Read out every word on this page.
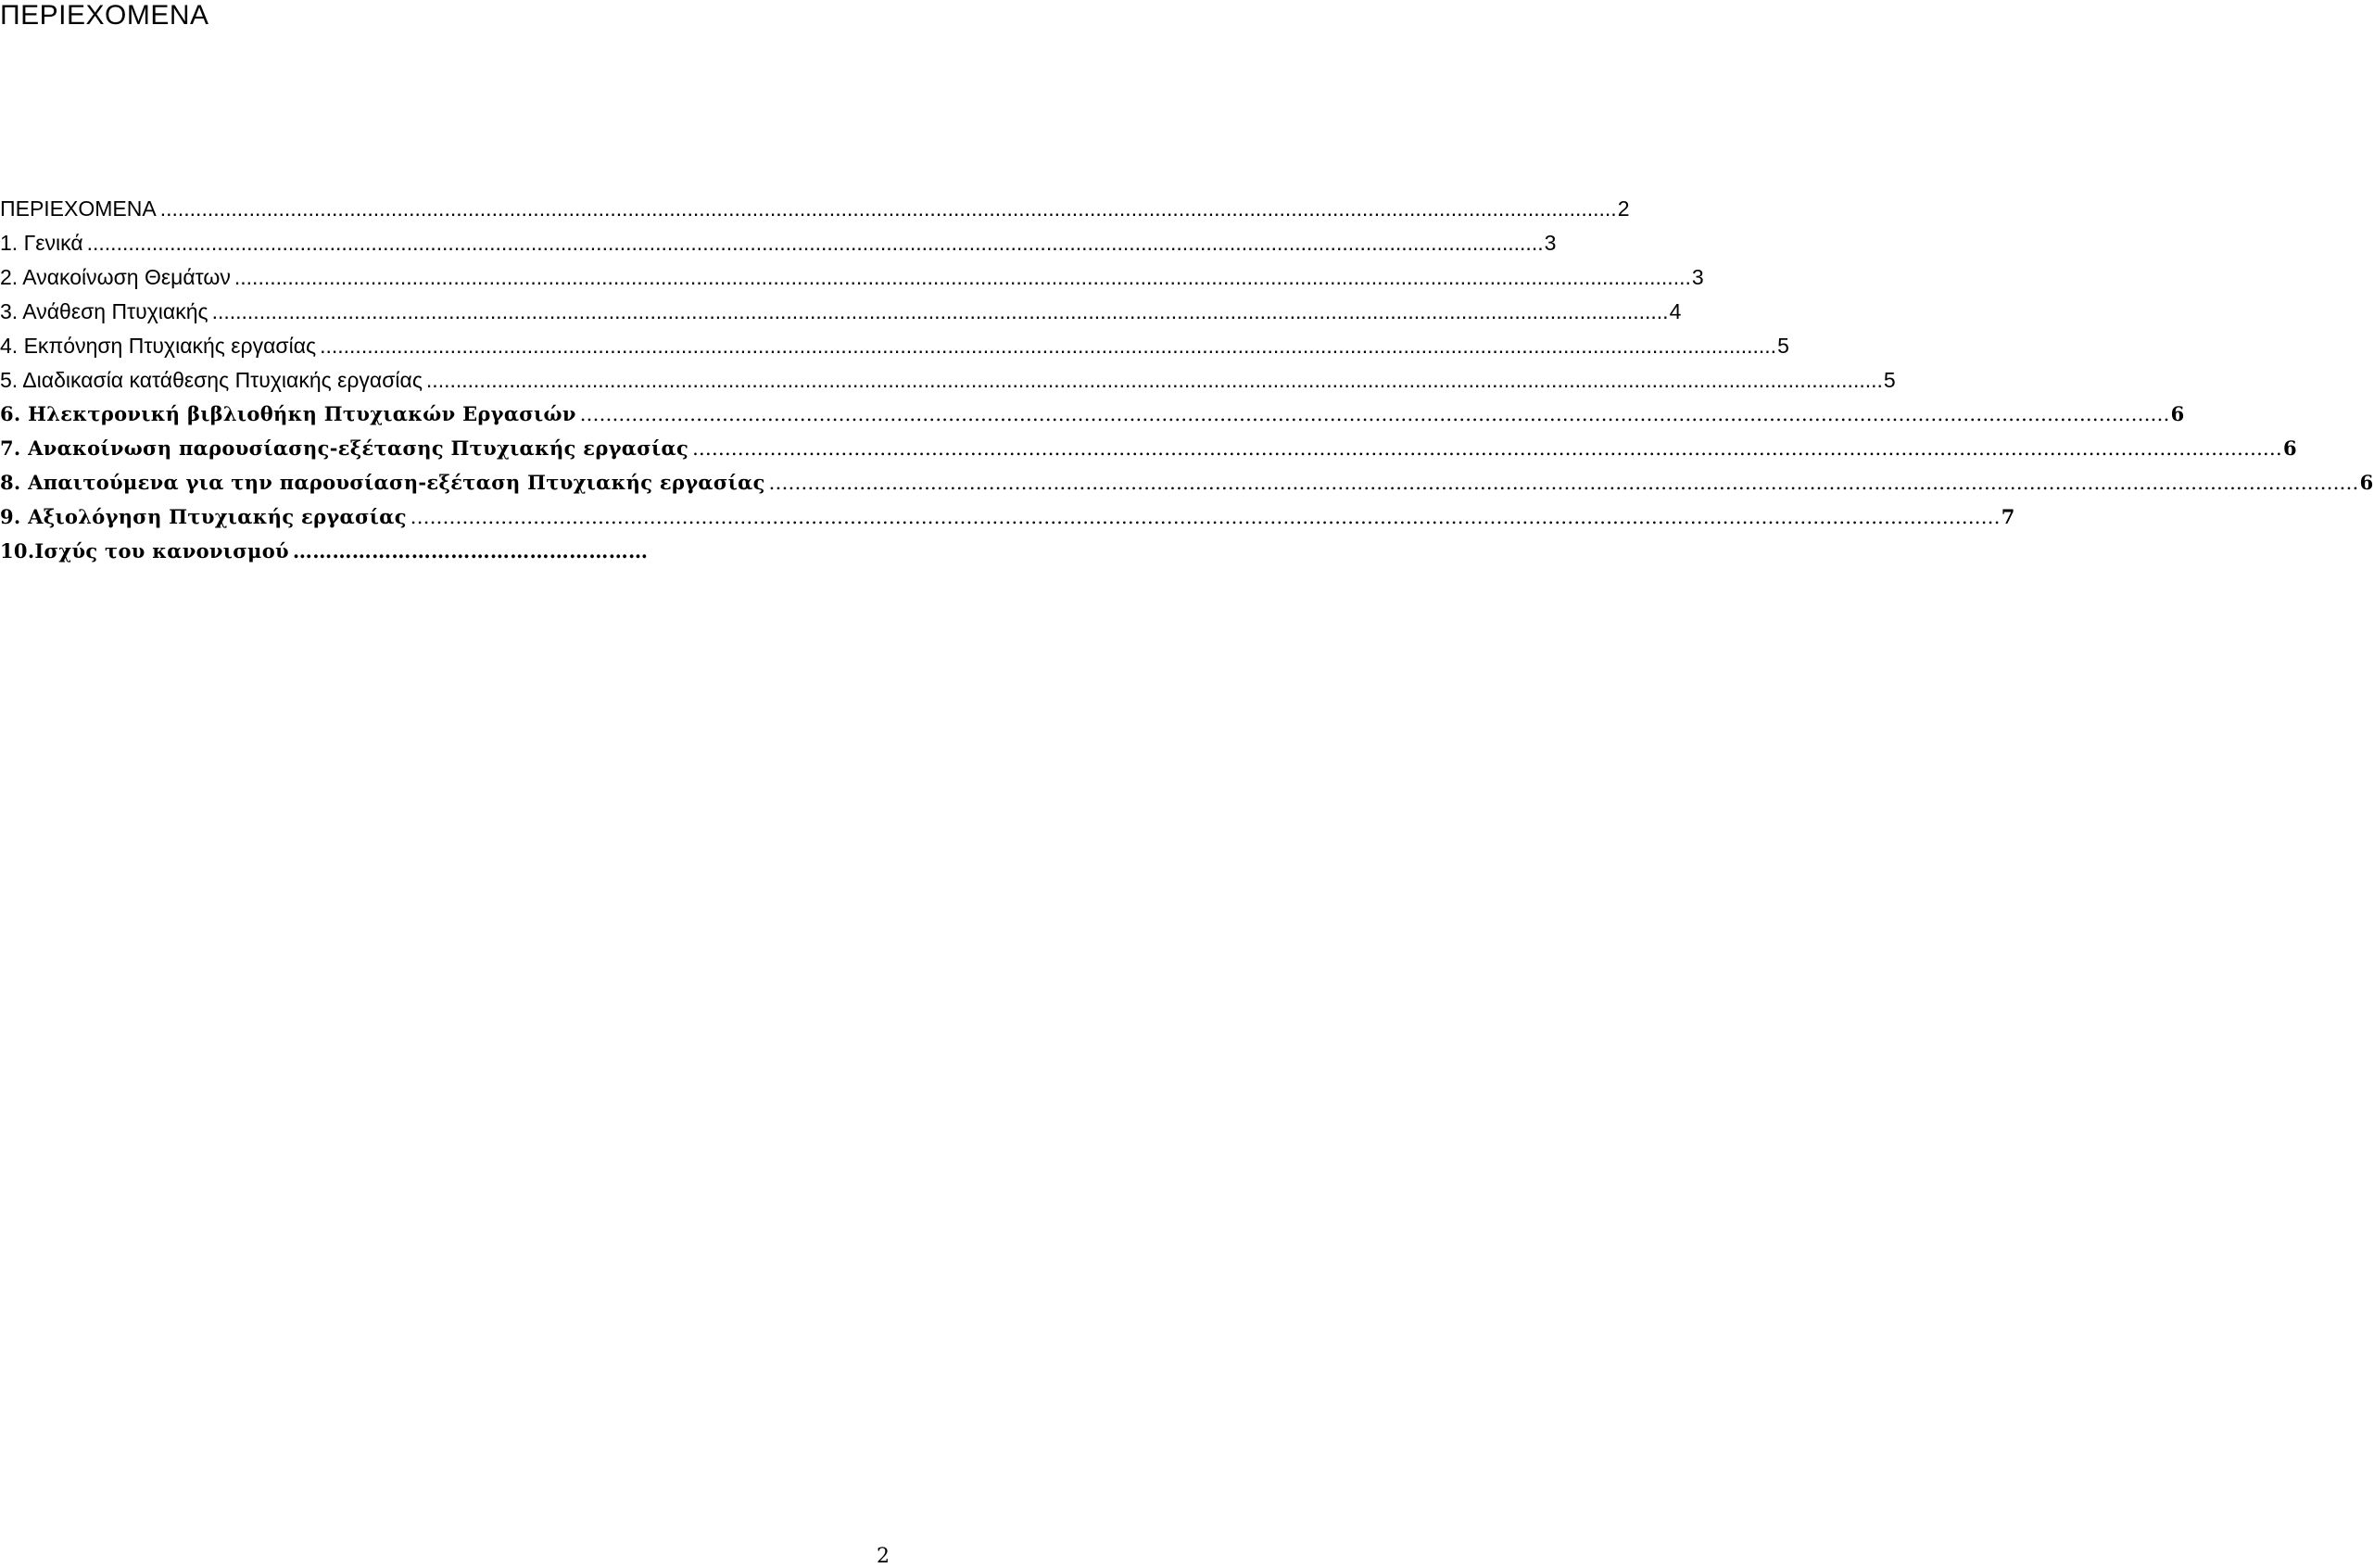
ΠΕΡΙΕΧΟΜΕΝΑ
ΠΕΡΙΕΧΟΜΕΝΑ ...................................................................................................................................................................................................................................................... 2
1. Γενικά ...................................................................................................................................................................................................................................................... 3
2. Ανακοίνωση Θεμάτων ...................................................................................................................................................................................................................................................... 3
3. Ανάθεση Πτυχιακής ...................................................................................................................................................................................................................................................... 4
4. Εκπόνηση Πτυχιακής εργασίας ...................................................................................................................................................................................................................................................... 5
5. Διαδικασία κατάθεσης Πτυχιακής εργασίας ...................................................................................................................................................................................................................................................... 5
6. Ηλεκτρονική βιβλιοθήκη Πτυχιακών Εργασιών ...................................................................................................................................................................................................................................................... 6
7. Ανακοίνωση παρουσίασης-εξέτασης Πτυχιακής εργασίας ...................................................................................................................................................................................................................................................... 6
8. Απαιτούμενα για την παρουσίαση-εξέταση Πτυχιακής εργασίας ...................................................................................................................................................................................................................................................... 6
9. Αξιολόγηση Πτυχιακής εργασίας ...................................................................................................................................................................................................................................................... 7
10.Ισχύς του κανονισμού ………………………………………………
2
